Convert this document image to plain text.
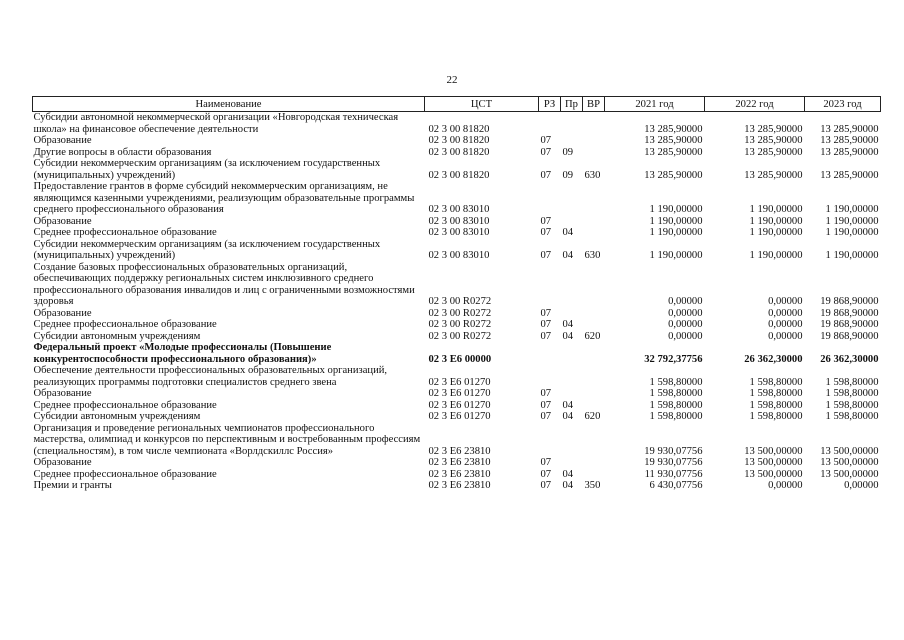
22
Наименование	ЦСТ	РЗ	Пр	ВР	2021 год	2022 год	2023 год
Субсидии автономной некоммерческой организации «Новгородская техническая школа» на финансовое обеспечение деятельности	02 3 00 81820				13 285,90000	13 285,90000	13 285,90000
Образование	02 3 00 81820	07			13 285,90000	13 285,90000	13 285,90000
Другие вопросы в области образования	02 3 00 81820	07	09		13 285,90000	13 285,90000	13 285,90000
Субсидии некоммерческим организациям (за исключением государственных (муниципальных) учреждений)	02 3 00 81820	07	09	630	13 285,90000	13 285,90000	13 285,90000
Предоставление грантов в форме субсидий некоммерческим организациям, не являющимся казенными учреждениями, реализующим образовательные программы среднего профессионального образования	02 3 00 83010				1 190,00000	1 190,00000	1 190,00000
Образование	02 3 00 83010	07			1 190,00000	1 190,00000	1 190,00000
Среднее профессиональное образование	02 3 00 83010	07	04		1 190,00000	1 190,00000	1 190,00000
Субсидии некоммерческим организациям (за исключением государственных (муниципальных) учреждений)	02 3 00 83010	07	04	630	1 190,00000	1 190,00000	1 190,00000
Создание базовых профессиональных образовательных организаций, обеспечивающих поддержку региональных систем инклюзивного среднего профессионального образования инвалидов и лиц с ограниченными возможностями здоровья	02 3 00 R0272				0,00000	0,00000	19 868,90000
Образование	02 3 00 R0272	07			0,00000	0,00000	19 868,90000
Среднее профессиональное образование	02 3 00 R0272	07	04		0,00000	0,00000	19 868,90000
Субсидии автономным учреждениям	02 3 00 R0272	07	04	620	0,00000	0,00000	19 868,90000
Федеральный проект «Молодые профессионалы (Повышение конкурентоспособности профессионального образования)»	02 3 E6 00000				32 792,37756	26 362,30000	26 362,30000
Обеспечение деятельности профессиональных образовательных организаций, реализующих программы подготовки специалистов среднего звена	02 3 E6 01270				1 598,80000	1 598,80000	1 598,80000
Образование	02 3 E6 01270	07			1 598,80000	1 598,80000	1 598,80000
Среднее профессиональное образование	02 3 E6 01270	07	04		1 598,80000	1 598,80000	1 598,80000
Субсидии автономным учреждениям	02 3 E6 01270	07	04	620	1 598,80000	1 598,80000	1 598,80000
Организация и проведение региональных чемпионатов профессионального мастерства, олимпиад и конкурсов по перспективным и востребованным профессиям (специальностям), в том числе чемпионата «Ворлдскиллс Россия»	02 3 E6 23810				19 930,07756	13 500,00000	13 500,00000
Образование	02 3 E6 23810	07			19 930,07756	13 500,00000	13 500,00000
Среднее профессиональное образование	02 3 E6 23810	07	04		11 930,07756	13 500,00000	13 500,00000
Премии и гранты	02 3 E6 23810	07	04	350	6 430,07756	0,00000	0,00000
